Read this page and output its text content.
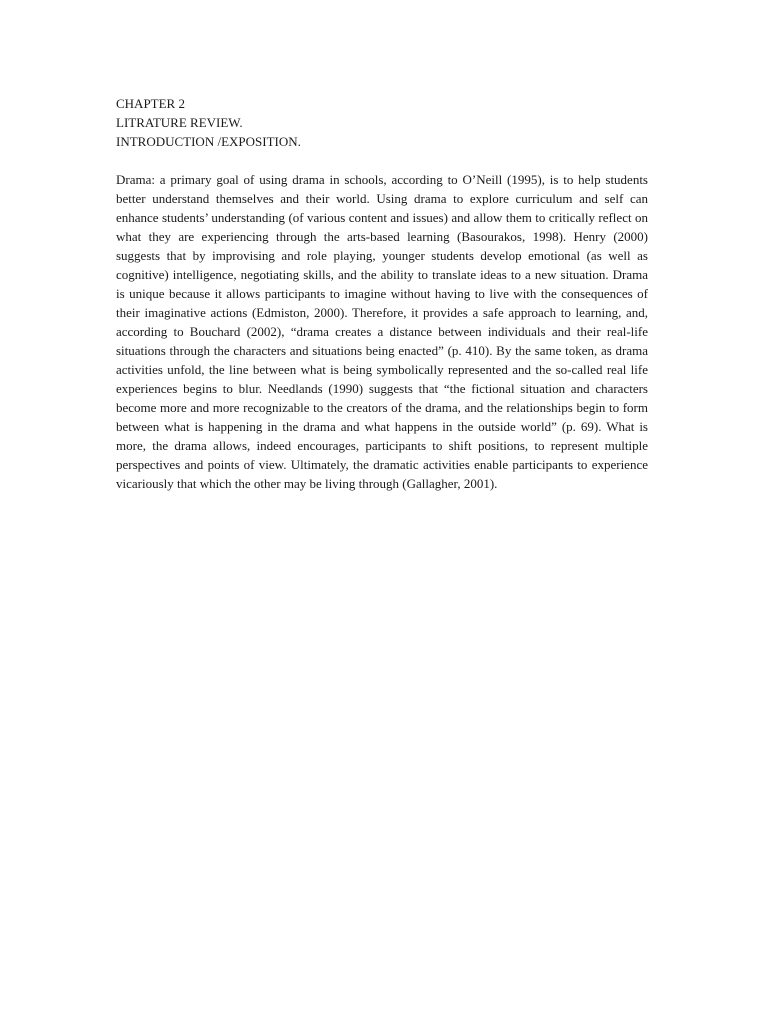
CHAPTER 2

LITRATURE REVIEW.

INTRODUCTION /EXPOSITION.

Drama: a primary goal of using drama in schools, according to O’Neill (1995), is to help students better understand themselves and their world. Using drama to explore curriculum and self can enhance students’ understanding (of various content and issues) and allow them to critically reflect on what they are experiencing through the arts-based learning (Basourakos, 1998). Henry (2000) suggests that by improvising and role playing, younger students develop emotional (as well as cognitive) intelligence, negotiating skills, and the ability to translate ideas to a new situation. Drama is unique because it allows participants to imagine without having to live with the consequences of their imaginative actions (Edmiston, 2000). Therefore, it provides a safe approach to learning, and, according to Bouchard (2002), “drama creates a distance between individuals and their real-life situations through the characters and situations being enacted” (p. 410). By the same token, as drama activities unfold, the line between what is being symbolically represented and the so-called real life experiences begins to blur. Needlands (1990) suggests that “the fictional situation and characters become more and more recognizable to the creators of the drama, and the relationships begin to form between what is happening in the drama and what happens in the outside world” (p. 69). What is more, the drama allows, indeed encourages, participants to shift positions, to represent multiple perspectives and points of view. Ultimately, the dramatic activities enable participants to experience vicariously that which the other may be living through (Gallagher, 2001).
